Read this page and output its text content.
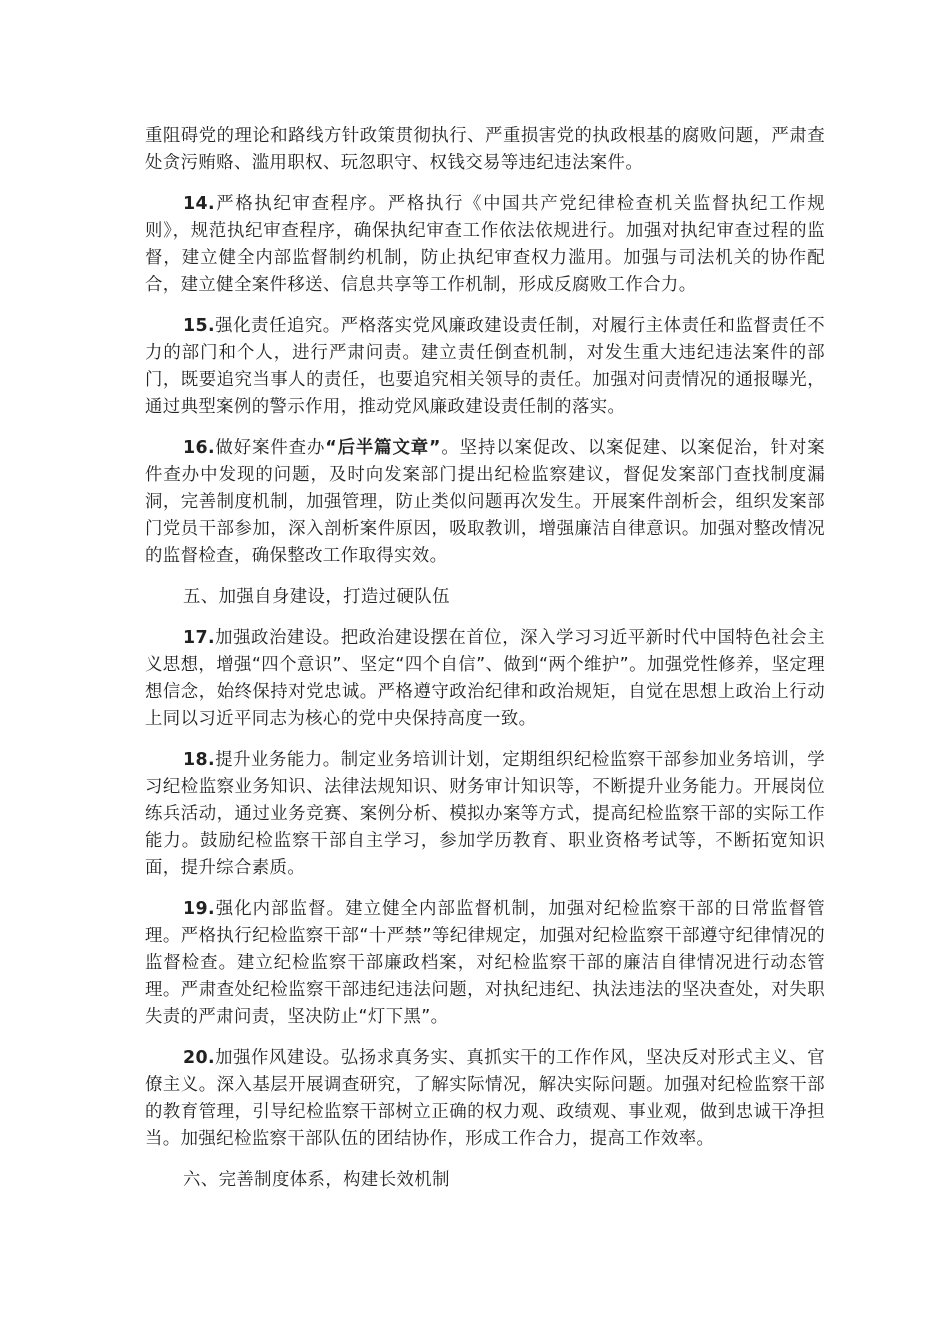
重阻碍党的理论和路线方针政策贯彻执行、严重损害党的执政根基的腐败问题，严肃查处贪污贿赂、滥用职权、玩忽职守、权钱交易等违纪违法案件。

14.严格执纪审查程序。严格执行《中国共产党纪律检查机关监督执纪工作规则》，规范执纪审查程序，确保执纪审查工作依法依规进行。加强对执纪审查过程的监督，建立健全内部监督制约机制，防止执纪审查权力滥用。加强与司法机关的协作配合，建立健全案件移送、信息共享等工作机制，形成反腐败工作合力。

15.强化责任追究。严格落实党风廉政建设责任制，对履行主体责任和监督责任不力的部门和个人，进行严肃问责。建立责任倒查机制，对发生重大违纪违法案件的部门，既要追究当事人的责任，也要追究相关领导的责任。加强对问责情况的通报曝光，通过典型案例的警示作用，推动党风廉政建设责任制的落实。

16.做好案件查办“后半篇文章”。坚持以案促改、以案促建、以案促治，针对案件查办中发现的问题，及时向发案部门提出纪检监察建议，督促发案部门查找制度漏洞，完善制度机制，加强管理，防止类似问题再次发生。开展案件剖析会，组织发案部门党员干部参加，深入剖析案件原因，吸取教训，增强廉洁自律意识。加强对整改情况的监督检查，确保整改工作取得实效。

五、加强自身建设，打造过硬队伍

17.加强政治建设。把政治建设摆在首位，深入学习习近平新时代中国特色社会主义思想，增强“四个意识”、坚定“四个自信”、做到“两个维护”。加强党性修养，坚定理想信念，始终保持对党忠诚。严格遵守政治纪律和政治规矩，自觉在思想上政治上行动上同以习近平同志为核心的党中央保持高度一致。

18.提升业务能力。制定业务培训计划，定期组织纪检监察干部参加业务培训，学习纪检监察业务知识、法律法规知识、财务审计知识等，不断提升业务能力。开展岗位练兵活动，通过业务竞赛、案例分析、模拟办案等方式，提高纪检监察干部的实际工作能力。鼓励纪检监察干部自主学习，参加学历教育、职业资格考试等，不断拓宽知识面，提升综合素质。

19.强化内部监督。建立健全内部监督机制，加强对纪检监察干部的日常监督管理。严格执行纪检监察干部“十严禁”等纪律规定，加强对纪检监察干部遵守纪律情况的监督检查。建立纪检监察干部廉政档案，对纪检监察干部的廉洁自律情况进行动态管理。严肃查处纪检监察干部违纪违法问题，对执纪违纪、执法违法的坚决查处，对失职失责的严肃问责，坚决防止“灯下黑”。

20.加强作风建设。弘扬求真务实、真抓实干的工作作风，坚决反对形式主义、官僚主义。深入基层开展调查研究，了解实际情况，解决实际问题。加强对纪检监察干部的教育管理，引导纪检监察干部树立正确的权力观、政绩观、事业观，做到忠诚干净担当。加强纪检监察干部队伍的团结协作，形成工作合力，提高工作效率。

六、完善制度体系，构建长效机制
